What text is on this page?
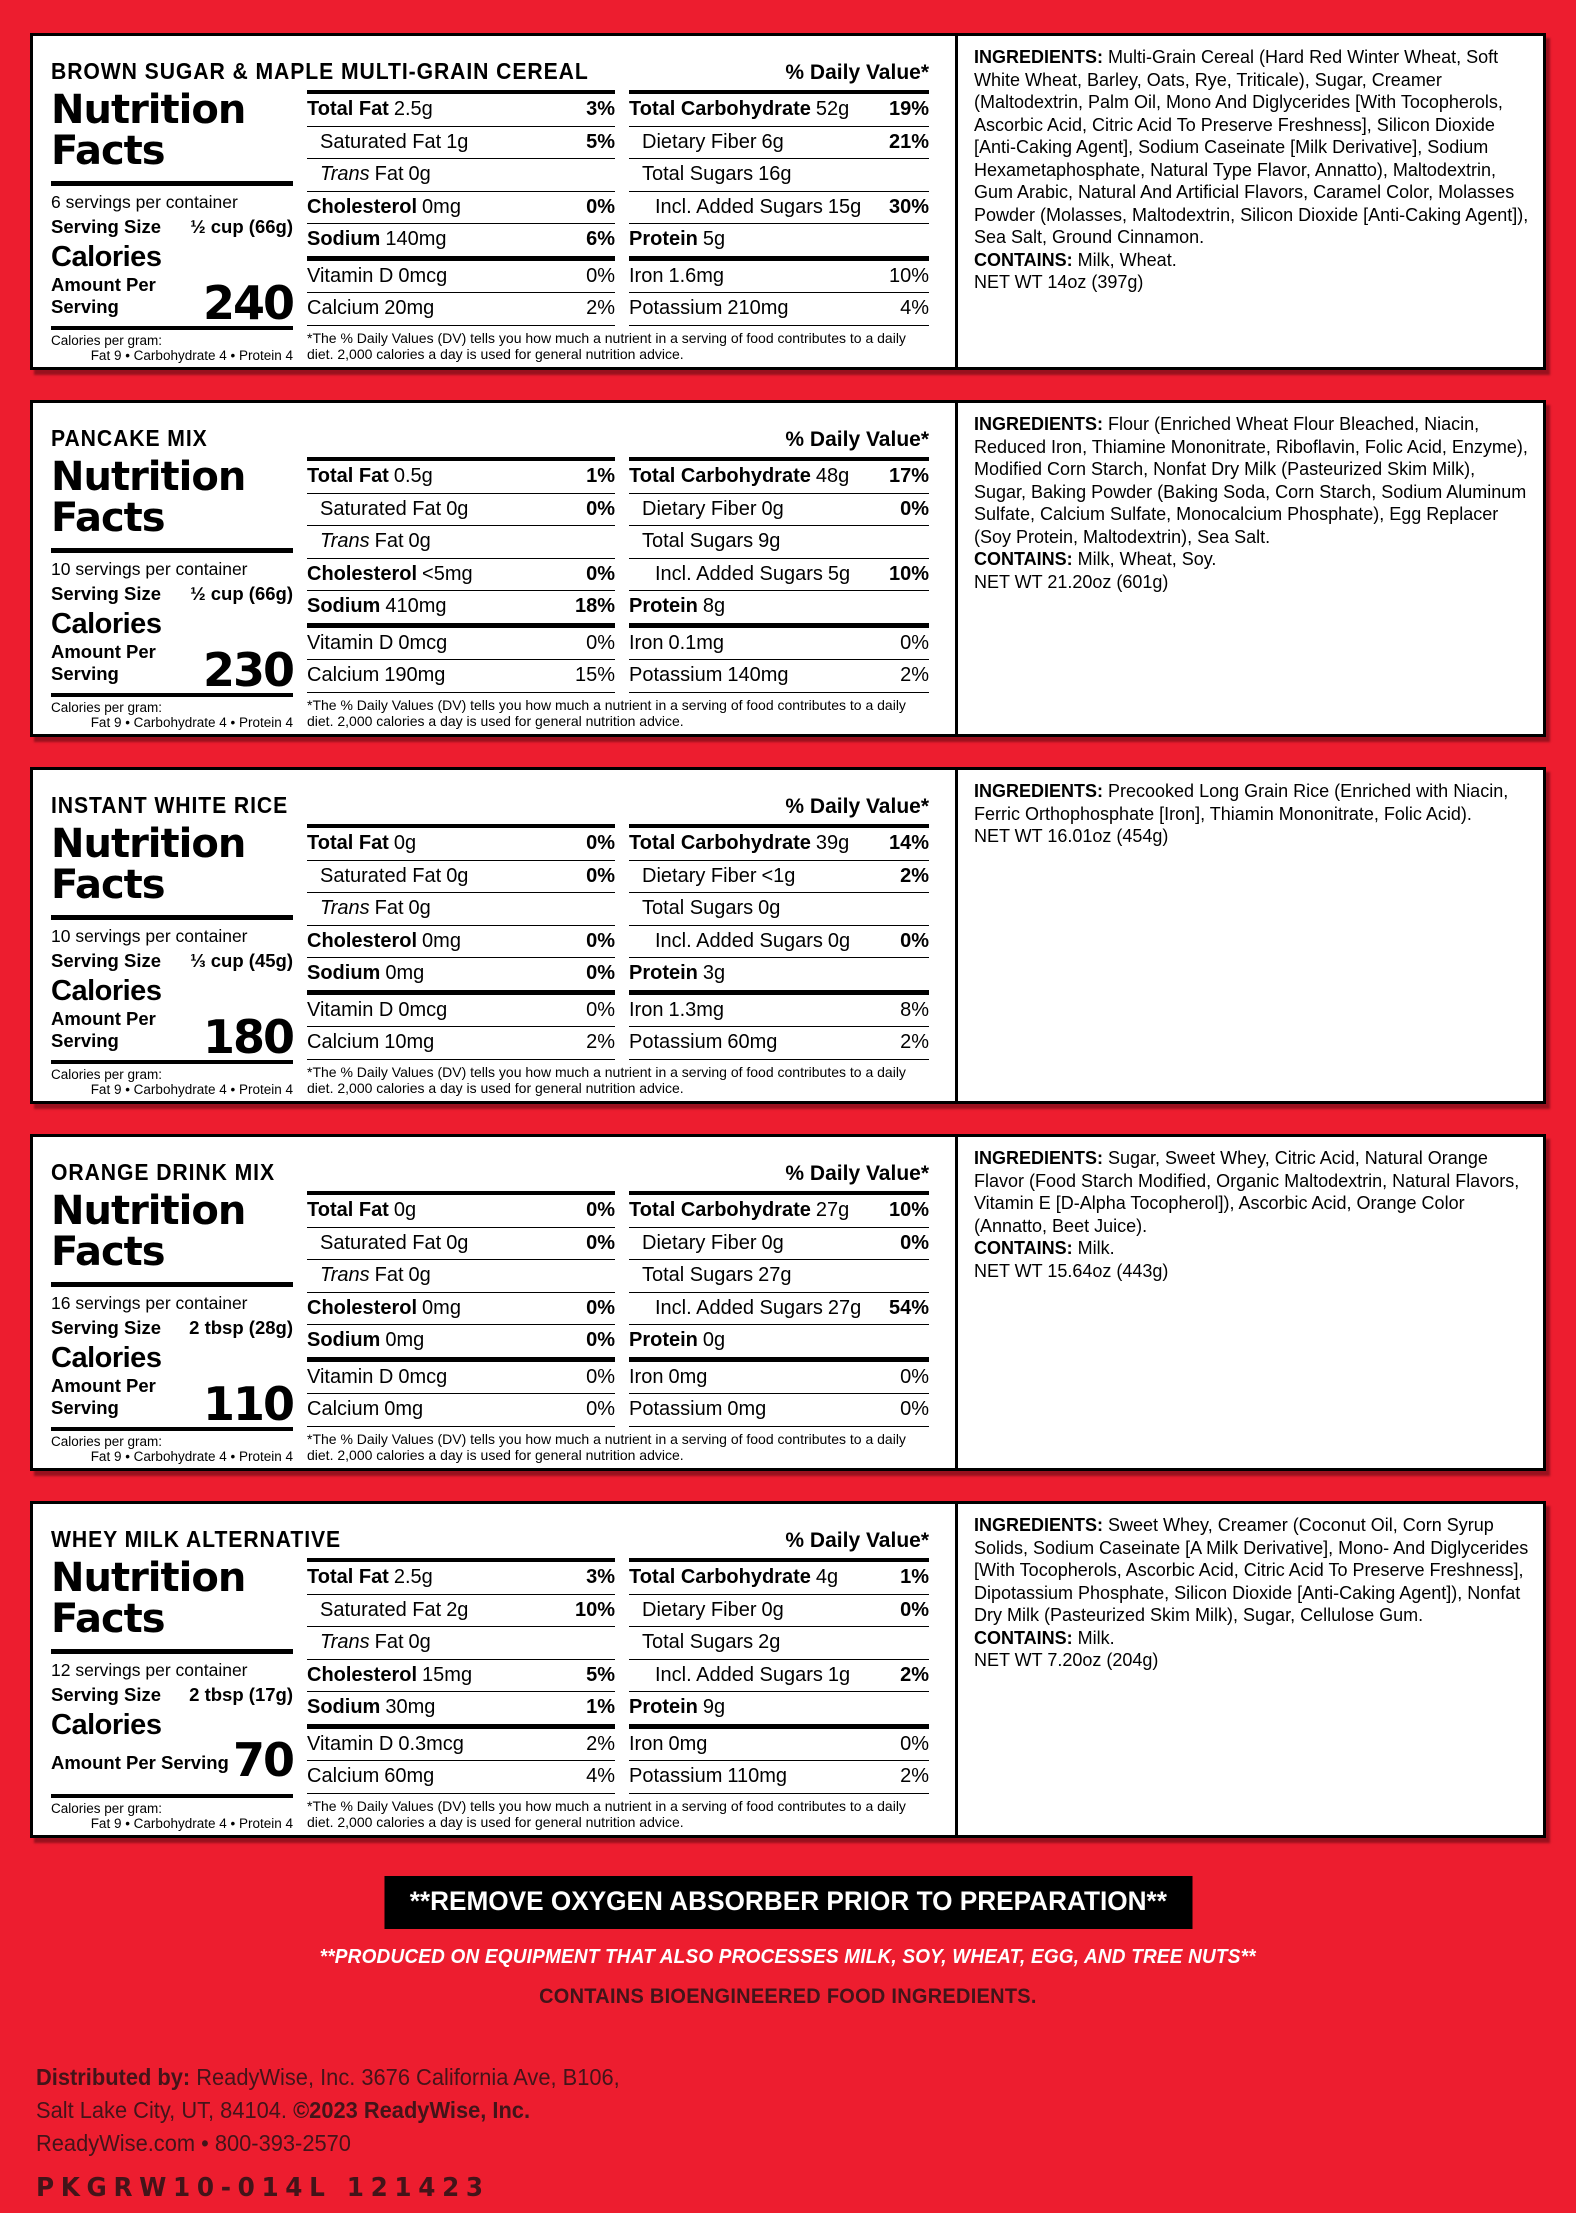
BROWN SUGAR & MAPLE MULTI-GRAIN CEREAL	% Daily Value*
Nutrition
Facts
6 servings per container
Serving Size ½ cup (66g)
Calories
Amount Per Serving	240
Calories per gram:
Fat 9 • Carbohydrate 4 • Protein 4
Total Fat 2.5g	3%
Saturated Fat 1g	5%
Trans Fat 0g
Cholesterol 0mg	0%
Sodium 140mg	6%
Vitamin D 0mcg	0%
Calcium 20mg	2%
Total Carbohydrate 52g 19%
Dietary Fiber 6g	21%
Total Sugars 16g
Incl. Added Sugars 15g 30%
Protein 5g
Iron 1.6mg	10%
Potassium 210mg	4%
*The % Daily Values (DV) tells you how much a nutrient in a serving of food contributes to a daily diet. 2,000 calories a day is used for general nutrition advice.

INGREDIENTS: Multi-Grain Cereal (Hard Red Winter Wheat, Soft White Wheat, Barley, Oats, Rye, Triticale), Sugar, Creamer (Maltodextrin, Palm Oil, Mono And Diglycerides [With Tocopherols, Ascorbic Acid, Citric Acid To Preserve Freshness], Silicon Dioxide [Anti-Caking Agent], Sodium Caseinate [Milk Derivative], Sodium Hexametaphosphate, Natural Type Flavor, Annatto), Maltodextrin, Gum Arabic, Natural And Artificial Flavors, Caramel Color, Molasses Powder (Molasses, Maltodextrin, Silicon Dioxide [Anti-Caking Agent]), Sea Salt, Ground Cinnamon.

CONTAINS: Milk, Wheat.

NET WT 14oz (397g)

PANCAKE MIX	% Daily Value*
Nutrition
Facts
10 servings per container
Serving Size ½ cup (66g)
Calories
Amount Per Serving	230
Calories per gram:
Fat 9 • Carbohydrate 4 • Protein 4
Total Fat 0.5g	1%
Saturated Fat 0g	0%
Trans Fat 0g
Cholesterol <5mg	0%
Sodium 410mg	18%
Vitamin D 0mcg	0%
Calcium 190mg	15%
Total Carbohydrate 48g 17%
Dietary Fiber 0g	0%
Total Sugars 9g
Incl. Added Sugars 5g 10%
Protein 8g
Iron 0.1mg	0%
Potassium 140mg	2%
*The % Daily Values (DV) tells you how much a nutrient in a serving of food contributes to a daily diet. 2,000 calories a day is used for general nutrition advice.

INGREDIENTS: Flour (Enriched Wheat Flour Bleached, Niacin, Reduced Iron, Thiamine Mononitrate, Riboflavin, Folic Acid, Enzyme), Modified Corn Starch, Nonfat Dry Milk (Pasteurized Skim Milk), Sugar, Baking Powder (Baking Soda, Corn Starch, Sodium Aluminum Sulfate, Calcium Sulfate, Monocalcium Phosphate), Egg Replacer (Soy Protein, Maltodextrin), Sea Salt.

CONTAINS: Milk, Wheat, Soy.

NET WT 21.20oz (601g)

INSTANT WHITE RICE	% Daily Value*
Nutrition
Facts
10 servings per container
Serving Size ⅓ cup (45g)
Calories
Amount Per Serving	180
Calories per gram:
Fat 9 • Carbohydrate 4 • Protein 4
Total Fat 0g	0%
Saturated Fat 0g	0%
Trans Fat 0g
Cholesterol 0mg	0%
Sodium 0mg	0%
Vitamin D 0mcg	0%
Calcium 10mg	2%
Total Carbohydrate 39g 14%
Dietary Fiber <1g	2%
Total Sugars 0g
Incl. Added Sugars 0g 0%
Protein 3g
Iron 1.3mg	8%
Potassium 60mg	2%
*The % Daily Values (DV) tells you how much a nutrient in a serving of food contributes to a daily diet. 2,000 calories a day is used for general nutrition advice.

INGREDIENTS: Precooked Long Grain Rice (Enriched with Niacin, Ferric Orthophosphate [Iron], Thiamin Mononitrate, Folic Acid).

NET WT 16.01oz (454g)

ORANGE DRINK MIX	% Daily Value*
Nutrition
Facts
16 servings per container
Serving Size 2 tbsp (28g)
Calories
Amount Per Serving	110
Calories per gram:
Fat 9 • Carbohydrate 4 • Protein 4
Total Fat 0g	0%
Saturated Fat 0g	0%
Trans Fat 0g
Cholesterol 0mg	0%
Sodium 0mg	0%
Vitamin D 0mcg	0%
Calcium 0mg	0%
Total Carbohydrate 27g 10%
Dietary Fiber 0g	0%
Total Sugars 27g
Incl. Added Sugars 27g 54%
Protein 0g
Iron 0mg	0%
Potassium 0mg	0%
*The % Daily Values (DV) tells you how much a nutrient in a serving of food contributes to a daily diet. 2,000 calories a day is used for general nutrition advice.

INGREDIENTS: Sugar, Sweet Whey, Citric Acid, Natural Orange Flavor (Food Starch Modified, Organic Maltodextrin, Natural Flavors, Vitamin E [D-Alpha Tocopherol]), Ascorbic Acid, Orange Color (Annatto, Beet Juice).

CONTAINS: Milk.

NET WT 15.64oz (443g)

WHEY MILK ALTERNATIVE	% Daily Value*
Nutrition
Facts
12 servings per container
Serving Size 2 tbsp (17g)
Calories
Amount Per Serving 70
Calories per gram:
Fat 9 • Carbohydrate 4 • Protein 4
Total Fat 2.5g	3%
Saturated Fat 2g	10%
Trans Fat 0g
Cholesterol 15mg	5%
Sodium 30mg	1%
Vitamin D 0.3mcg	2%
Calcium 60mg	4%
Total Carbohydrate 4g	1%
Dietary Fiber 0g	0%
Total Sugars 2g
Incl. Added Sugars 1g 2%
Protein 9g
Iron 0mg	0%
Potassium 110mg	2%
*The % Daily Values (DV) tells you how much a nutrient in a serving of food contributes to a daily diet. 2,000 calories a day is used for general nutrition advice.

INGREDIENTS: Sweet Whey, Creamer (Coconut Oil, Corn Syrup Solids, Sodium Caseinate [A Milk Derivative], Mono- And Diglycerides [With Tocopherols, Ascorbic Acid, Citric Acid To Preserve Freshness], Dipotassium Phosphate, Silicon Dioxide [Anti-Caking Agent]), Nonfat Dry Milk (Pasteurized Skim Milk), Sugar, Cellulose Gum.

CONTAINS: Milk.

NET WT 7.20oz (204g)

**REMOVE OXYGEN ABSORBER PRIOR TO PREPARATION**
**PRODUCED ON EQUIPMENT THAT ALSO PROCESSES MILK, SOY, WHEAT, EGG, AND TREE NUTS**
CONTAINS BIOENGINEERED FOOD INGREDIENTS.
Distributed by: ReadyWise, Inc. 3676 California Ave, B106,
Salt Lake City, UT, 84104. ©2023 ReadyWise, Inc.
ReadyWise.com • 800-393-2570
PKGRW10-014L 121423
